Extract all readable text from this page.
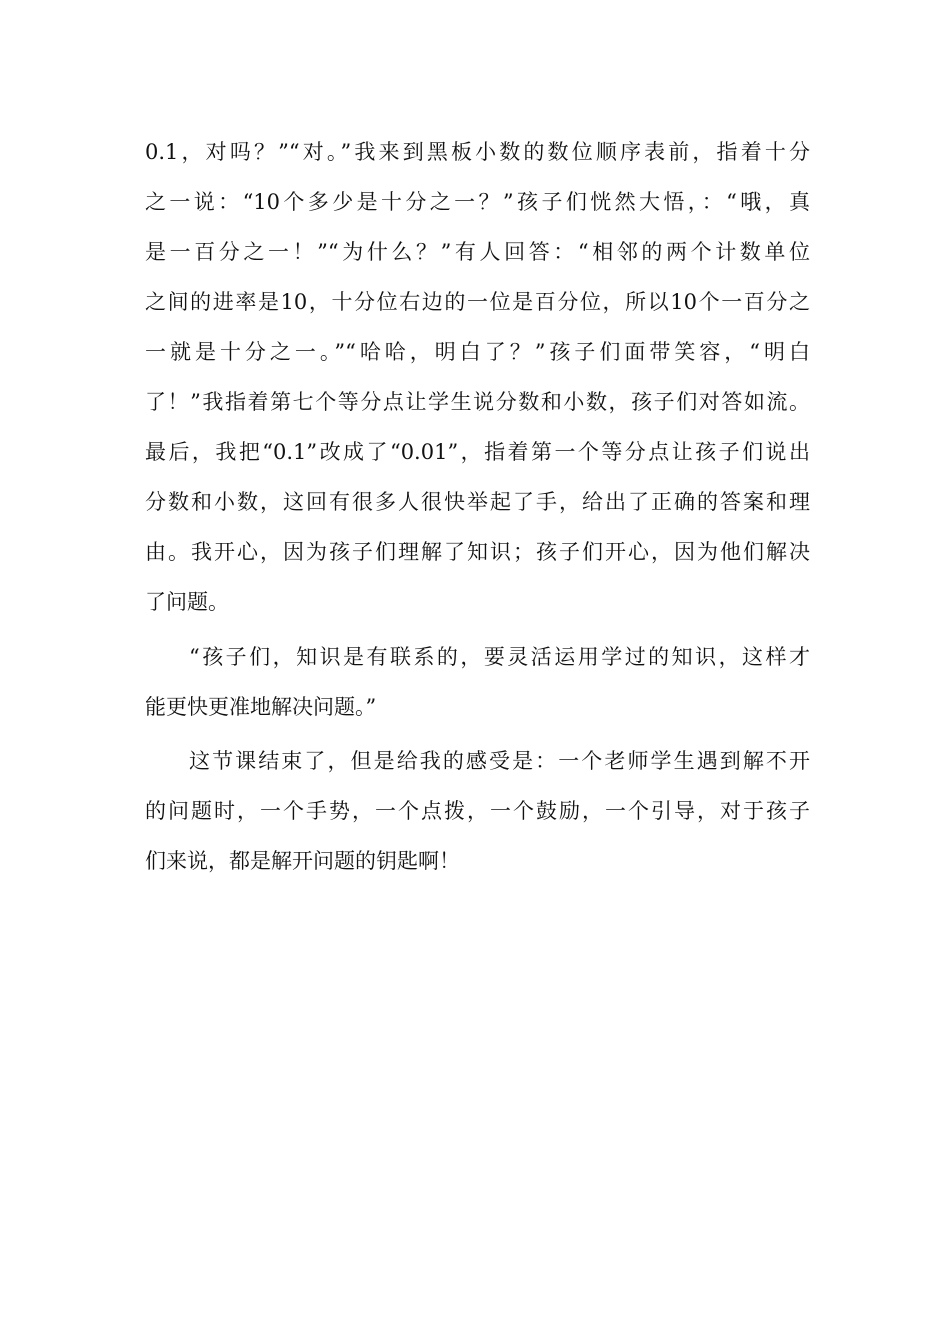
0.1，对吗？”“对。”我来到黑板小数的数位顺序表前，指着十分
之一说：“10个多少是十分之一？”孩子们恍然大悟，：“哦，真
是一百分之一！”“为什么？”有人回答：“相邻的两个计数单位
之间的进率是10，十分位右边的一位是百分位，所以10个一百分之
一就是十分之一。”“哈哈，明白了？”孩子们面带笑容，“明白
了！”我指着第七个等分点让学生说分数和小数，孩子们对答如流。
最后，我把“0.1”改成了“0.01”，指着第一个等分点让孩子们说出
分数和小数，这回有很多人很快举起了手，给出了正确的答案和理
由。我开心，因为孩子们理解了知识；孩子们开心，因为他们解决
了问题。
“孩子们，知识是有联系的，要灵活运用学过的知识，这样才
能更快更准地解决问题。”
这节课结束了，但是给我的感受是：一个老师学生遇到解不开
的问题时，一个手势，一个点拨，一个鼓励，一个引导，对于孩子
们来说，都是解开问题的钥匙啊！
